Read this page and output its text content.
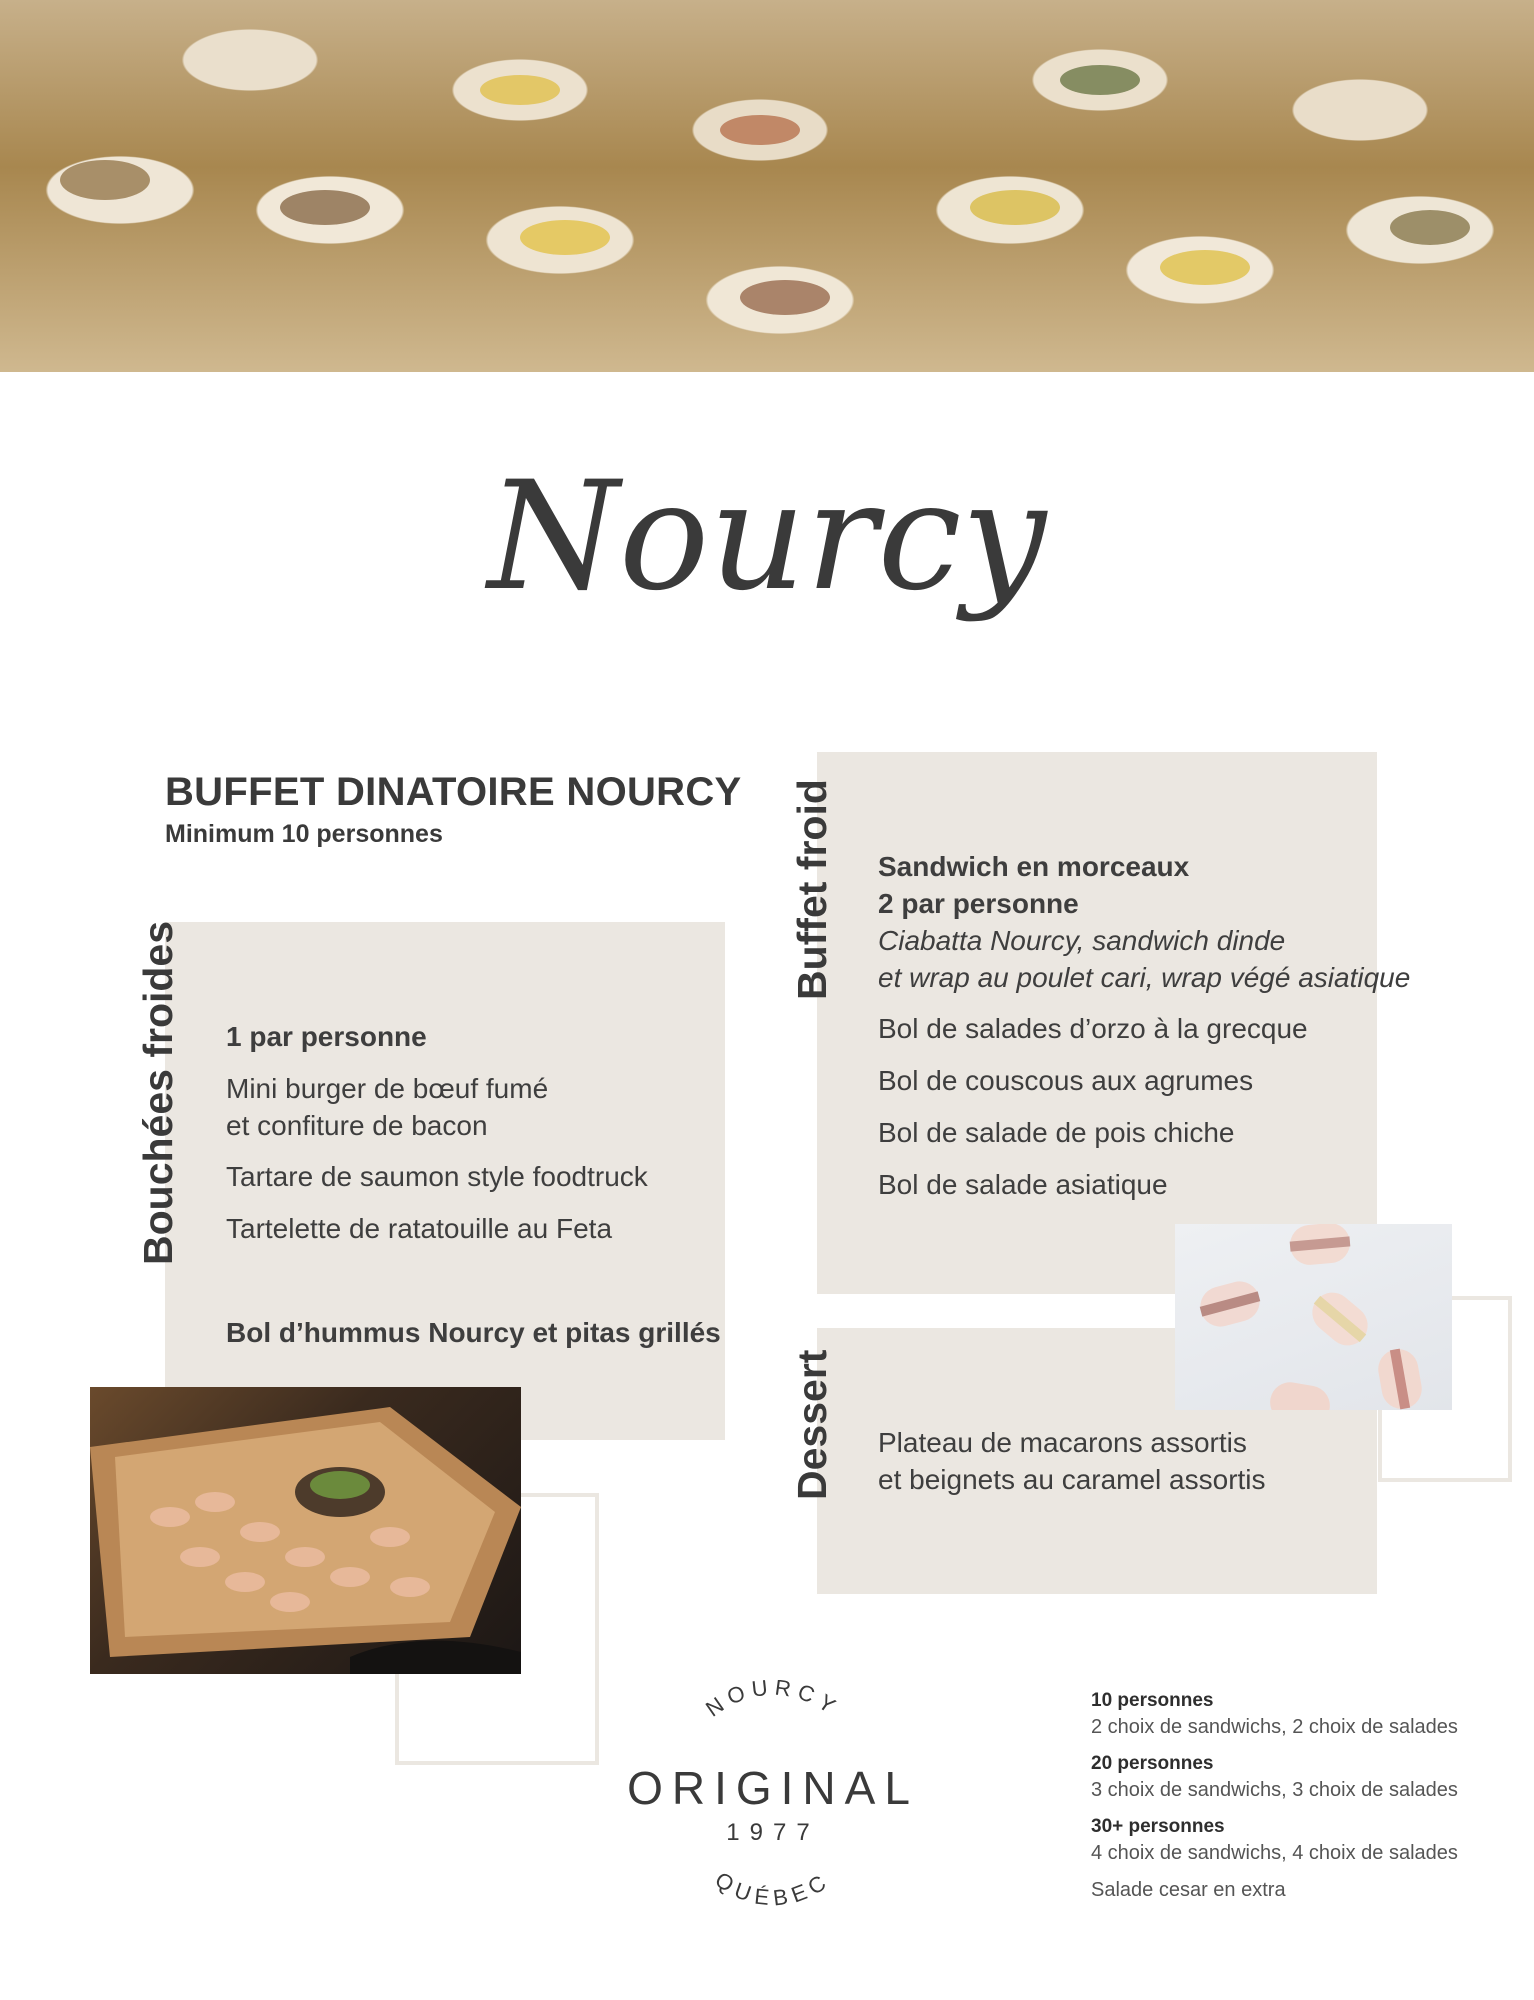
Nourcy
BUFFET DINATOIRE NOURCY
Minimum 10 personnes
Bouchées froides
Buffet froid
Dessert
1 par personne
Mini burger de bœuf fumé
et confiture de bacon
Tartare de saumon style foodtruck
Tartelette de ratatouille au Feta
Bol d’hummus Nourcy et pitas grillés
Sandwich en morceaux
2 par personne
Ciabatta Nourcy, sandwich dinde
et wrap au poulet cari, wrap végé asiatique
Bol de salades d’orzo à la grecque
Bol de couscous aux agrumes
Bol de salade de pois chiche
Bol de salade asiatique
Plateau de macarons assortis
et beignets au caramel assortis
NOURCY
ORIGINAL
1977
QUÉBEC
10 personnes
2 choix de sandwichs, 2 choix de salades
20 personnes
3 choix de sandwichs, 3 choix de salades
30+ personnes
4 choix de sandwichs, 4 choix de salades
Salade cesar en extra
